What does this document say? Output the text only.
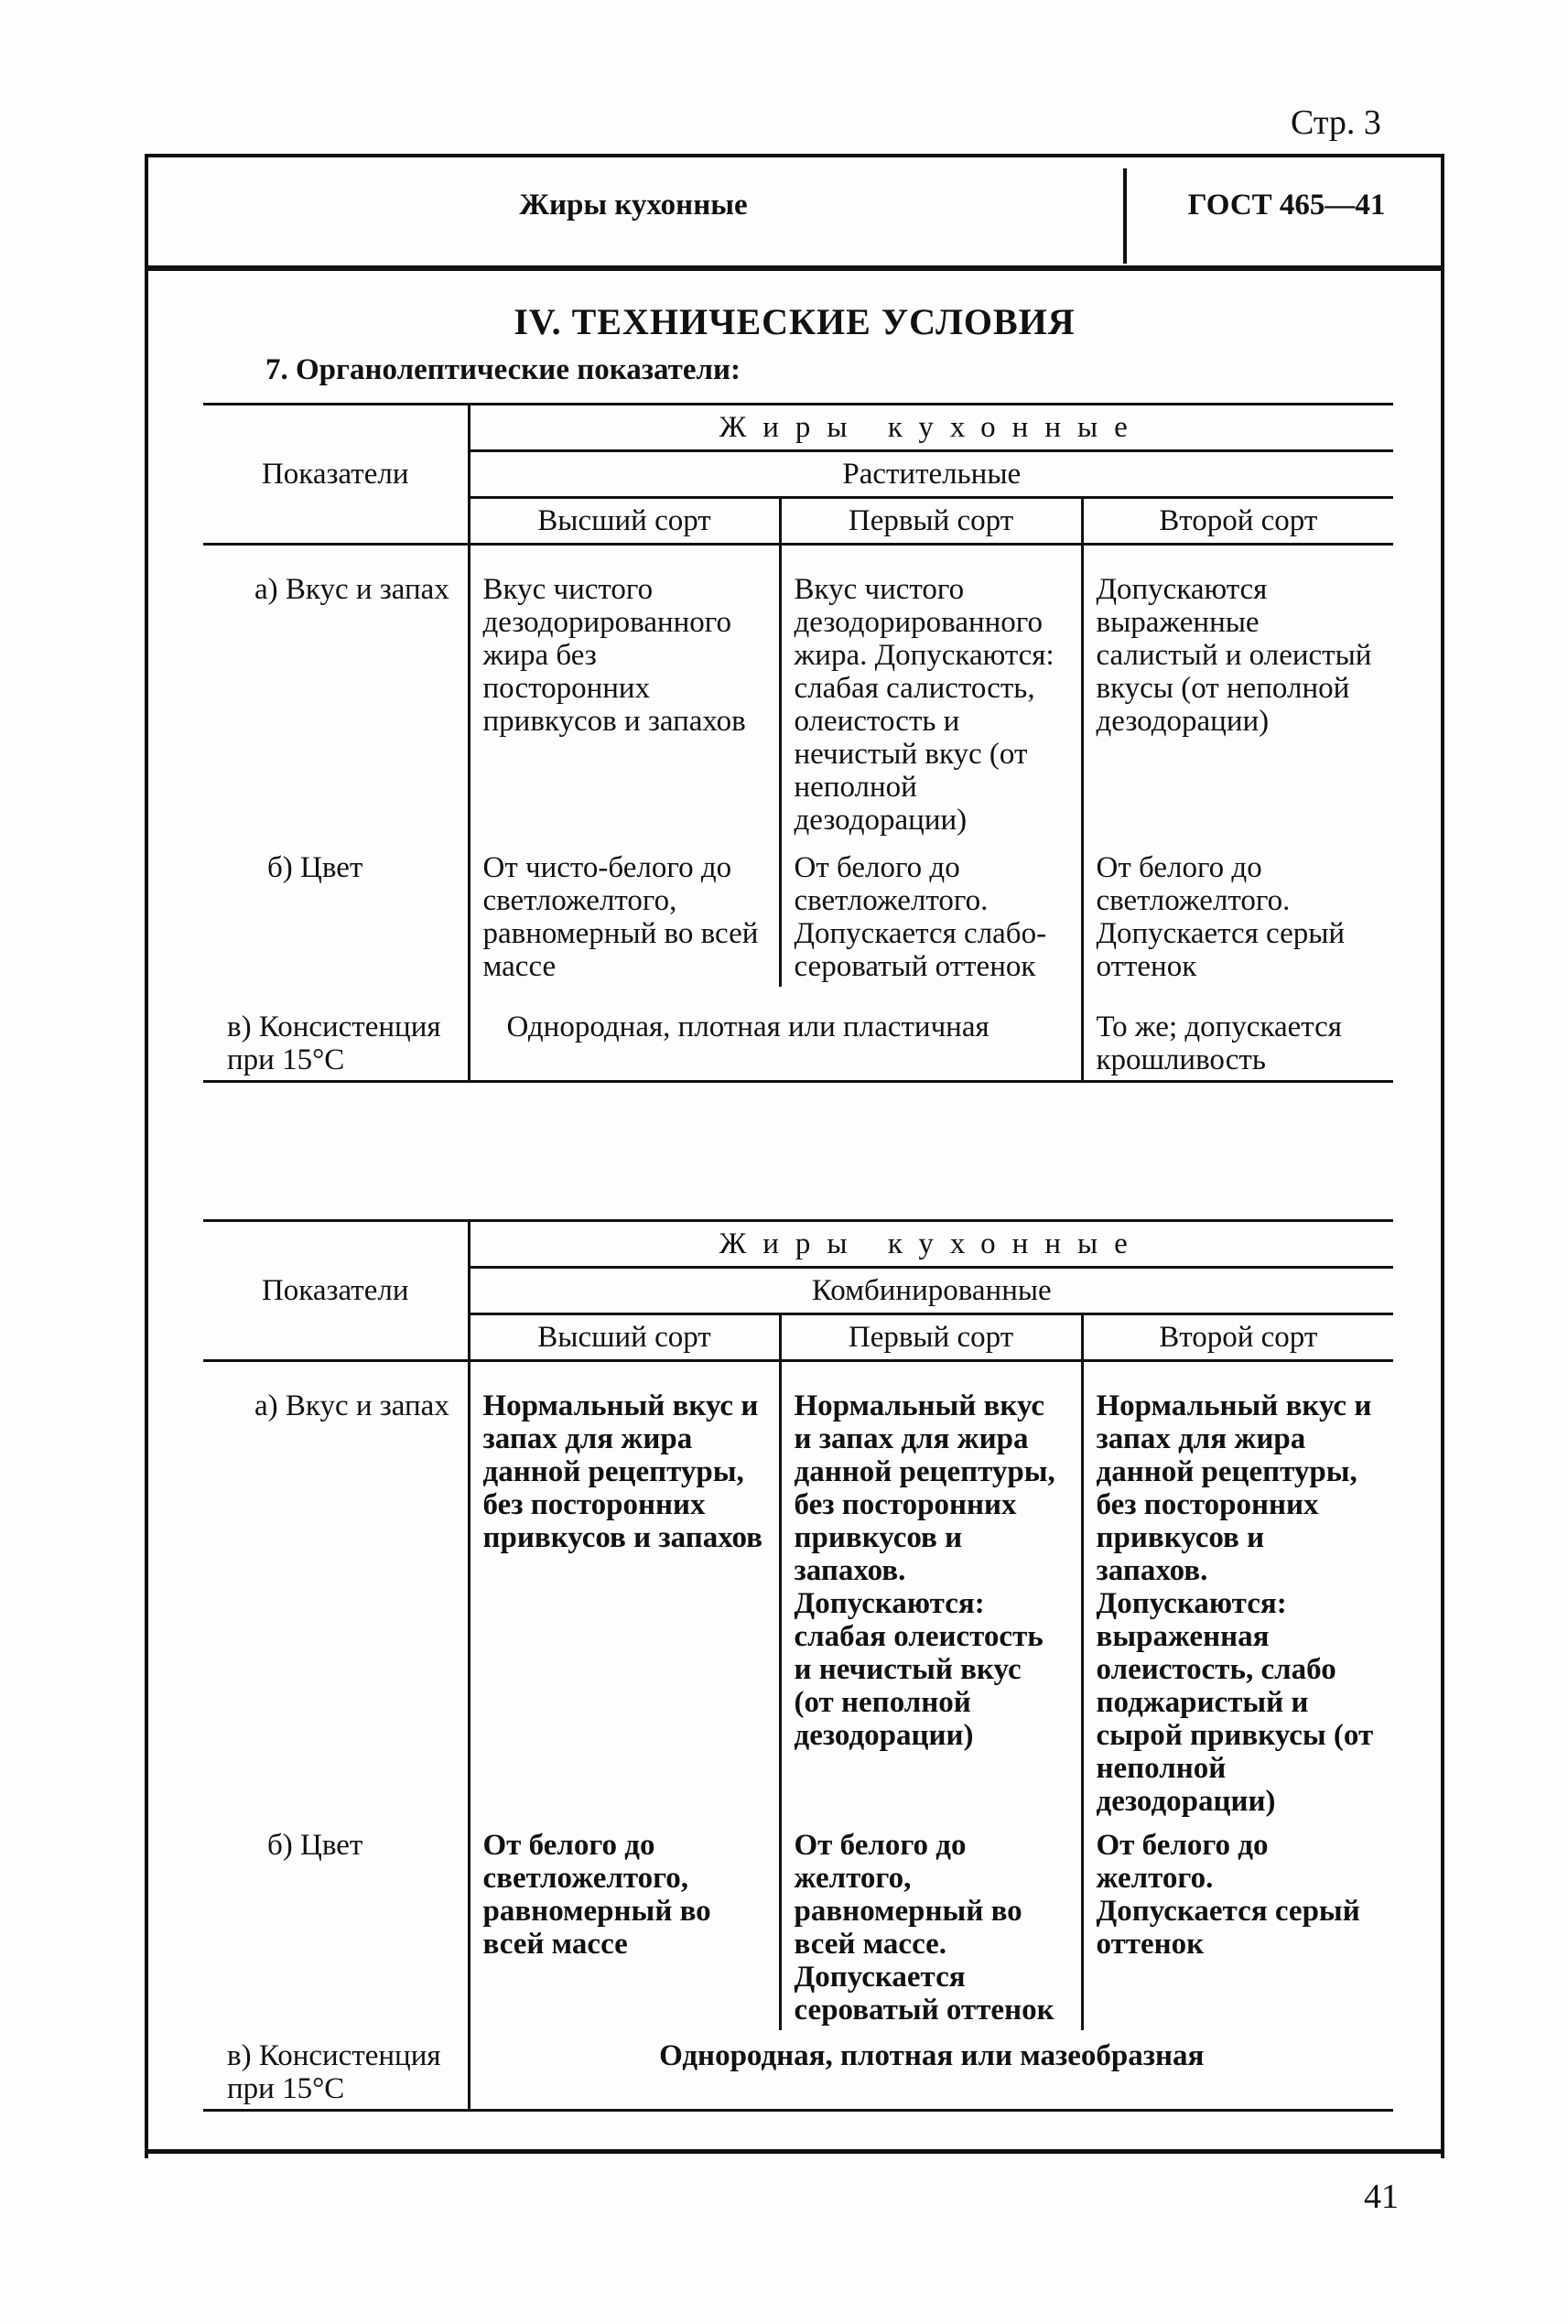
Стр. 3
Жиры кухонные	ГОСТ 465—41
IV. ТЕХНИЧЕСКИЕ УСЛОВИЯ
7. Органолептические показатели:
Показатели	Жиры кухонные		
	Растительные		
	Высший сорт	Первый сорт	Второй сорт
а) Вкус и запах	Вкус чистого дезодорированного жира без посторонних привкусов и запахов	Вкус чистого дезодорированного жира. Допускаются: слабая салистость, олеистость и нечистый вкус (от неполной дезодорации)	Допускаются выраженные салистый и олеистый вкусы (от неполной дезодорации)
б) Цвет	От чисто-белого до светложелтого, равномерный во всей массе	От белого до светложелтого. Допускается слабо-сероватый оттенок	От белого до светложелтого. Допускается серый оттенок
в) Консистенция при 15°С	Однородная, плотная или пластичная		То же; допускается крошливость
Показатели	Жиры кухонные		
	Комбинированные		
	Высший сорт	Первый сорт	Второй сорт
а) Вкус и запах	Нормальный вкус и запах для жира данной рецептуры, без посторонних привкусов и запахов	Нормальный вкус и запах для жира данной рецептуры, без посторонних привкусов и запахов. Допускаются: слабая олеистость и нечистый вкус (от неполной дезодорации)	Нормальный вкус и запах для жира данной рецептуры, без посторонних привкусов и запахов. Допускаются: выраженная олеистость, слабо поджаристый и сырой привкусы (от неполной дезодорации)
б) Цвет	От белого до светложелтого, равномерный во всей массе	От белого до желтого, равномерный во всей массе. Допускается сероватый оттенок	От белого до желтого. Допускается серый оттенок
в) Консистенция при 15°С	Однородная, плотная или мазеобразная		
41
